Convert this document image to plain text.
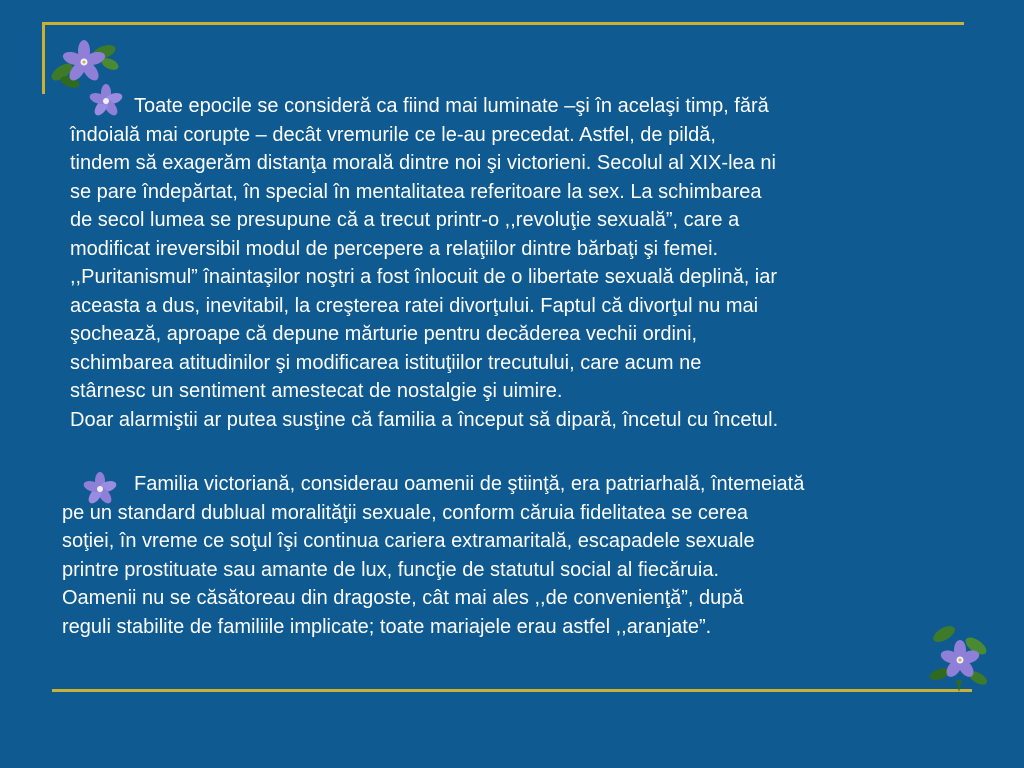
Toate epocile se consideră ca fiind mai luminate –şi în acelaşi timp, fără
îndoială mai corupte – decât vremurile ce le-au precedat. Astfel, de pildă,
tindem să exagerăm distanţa morală dintre noi şi victorieni. Secolul al XIX-lea ni
se pare îndepărtat, în special în mentalitatea referitoare la sex. La schimbarea
de secol lumea se presupune că a trecut printr-o ,,revoluţie sexuală”, care a
modificat ireversibil modul de percepere a relaţiilor dintre bărbaţi şi femei.
,,Puritanismul” înaintaşilor noştri a fost înlocuit de o libertate sexuală deplină, iar
aceasta a dus, inevitabil, la creşterea ratei divorţului. Faptul că divorţul nu mai
şochează, aproape că depune mărturie pentru decăderea vechii ordini,
schimbarea atitudinilor şi modificarea istituţiilor trecutului, care acum ne
stârnesc un sentiment amestecat de nostalgie şi uimire.
Doar alarmiştii ar putea susţine că familia a început să dipară, încetul cu încetul.

Familia victoriană, considerau oamenii de ştiinţă, era patriarhală, întemeiată
pe un standard dublual moralităţii sexuale, conform căruia fidelitatea se cerea
soţiei, în vreme ce soţul îşi continua cariera extramaritală, escapadele sexuale
printre prostituate sau amante de lux, funcţie de statutul social al fiecăruia.
Oamenii nu se căsătoreau din dragoste, cât mai ales ,,de convenienţă”, după
reguli stabilite de familiile implicate; toate mariajele erau astfel ,,aranjate”.
